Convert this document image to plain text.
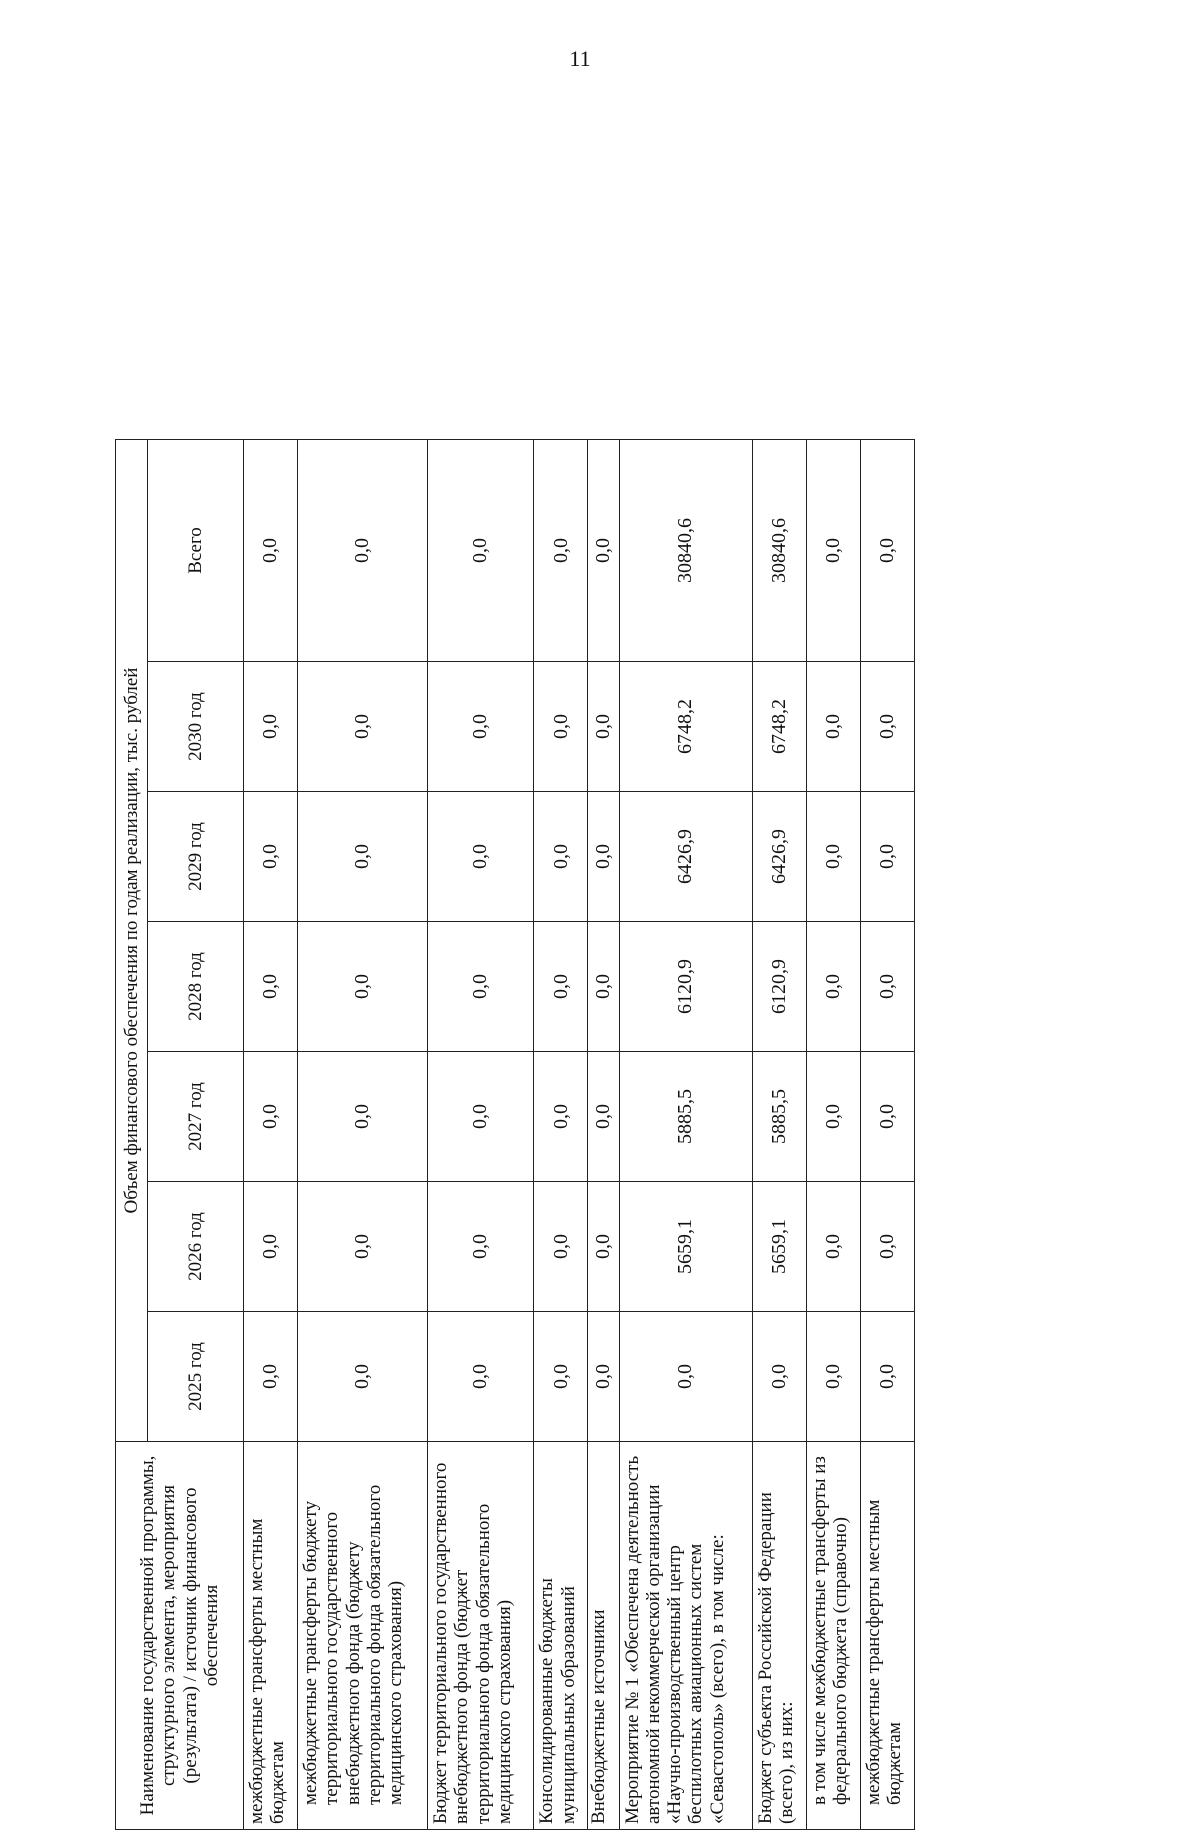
11
Наименование государственной программы, структурного элемента, мероприятия (результата) / источник финансового обеспечения	Объем финансового обеспечения по годам реализации, тыс. рублей						
	2025 год	2026 год	2027 год	2028 год	2029 год	2030 год	Всего
межбюджетные трансферты местным бюджетам	0,0	0,0	0,0	0,0	0,0	0,0	0,0
межбюджетные трансферты бюджету территориального государственного внебюджетного фонда (бюджету территориального фонда обязательного медицинского страхования)	0,0	0,0	0,0	0,0	0,0	0,0	0,0
Бюджет территориального государственного внебюджетного фонда (бюджет территориального фонда обязательного медицинского страхования)	0,0	0,0	0,0	0,0	0,0	0,0	0,0
Консолидированные бюджеты муниципальных образований	0,0	0,0	0,0	0,0	0,0	0,0	0,0
Внебюджетные источники	0,0	0,0	0,0	0,0	0,0	0,0	0,0
Мероприятие № 1 «Обеспечена деятельность автономной некоммерческой организации «Научно-производственный центр беспилотных авиационных систем «Севастополь» (всего), в том числе:	0,0	5659,1	5885,5	6120,9	6426,9	6748,2	30840,6
Бюджет субъекта Российской Федерации (всего), из них:	0,0	5659,1	5885,5	6120,9	6426,9	6748,2	30840,6
в том числе межбюджетные трансферты из федерального бюджета (справочно)	0,0	0,0	0,0	0,0	0,0	0,0	0,0
межбюджетные трансферты местным бюджетам	0,0	0,0	0,0	0,0	0,0	0,0	0,0
